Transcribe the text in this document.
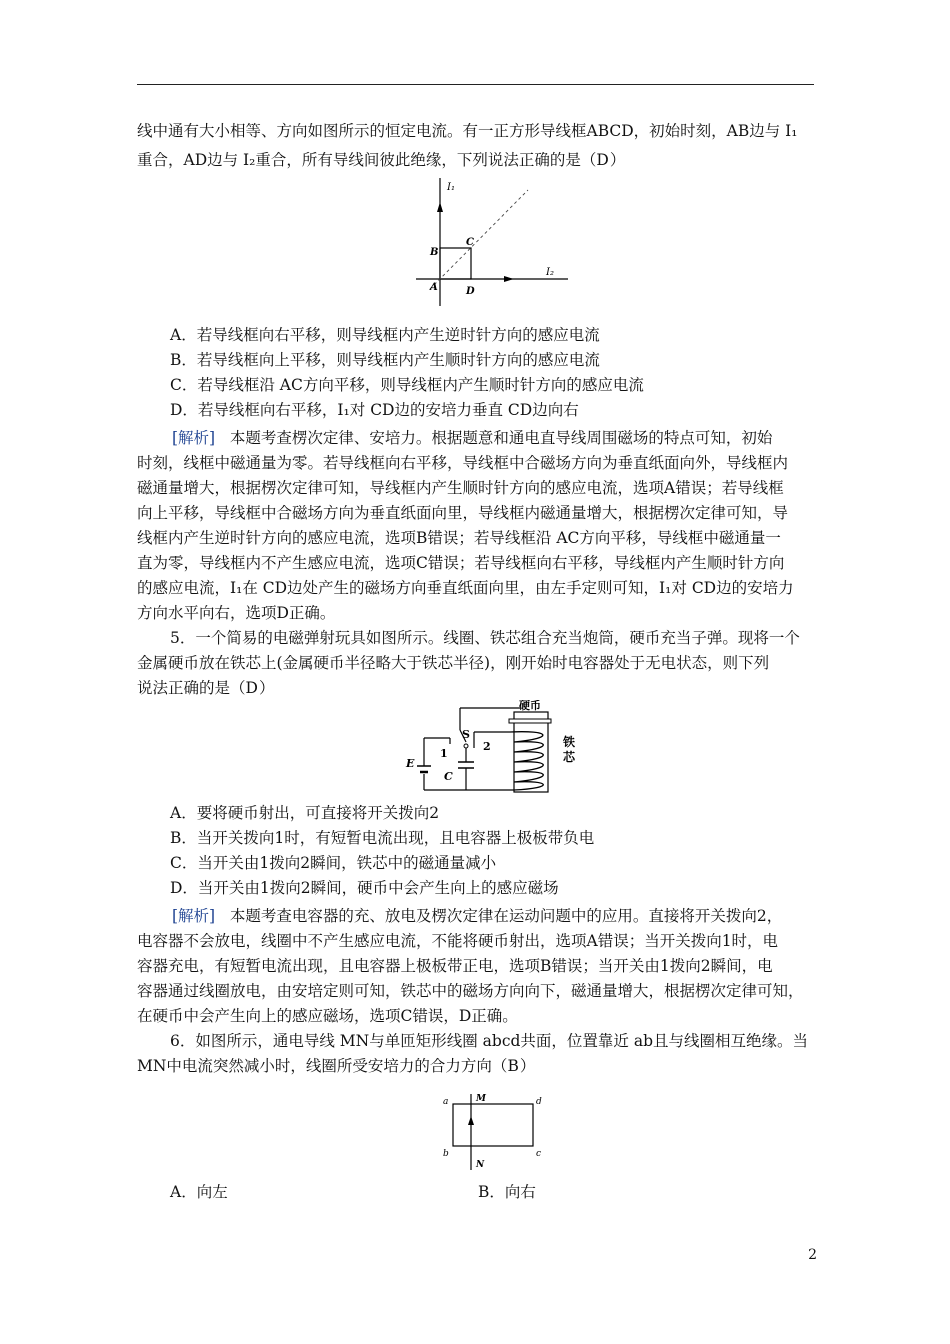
线中通有大小相等、方向如图所示的恒定电流。有一正方形导线框ABCD，初始时刻，AB边与 I₁
重合，AD边与 I₂重合，所有导线间彼此绝缘，下列说法正确的是（D）
I₁
I₂
A
B
C
D
A．若导线框向右平移，则导线框内产生逆时针方向的感应电流
B．若导线框向上平移，则导线框内产生顺时针方向的感应电流
C．若导线框沿 AC方向平移，则导线框内产生顺时针方向的感应电流
D．若导线框向右平移，I₁对 CD边的安培力垂直 CD边向右
[解析] 本题考查楞次定律、安培力。根据题意和通电直导线周围磁场的特点可知，初始
时刻，线框中磁通量为零。若导线框向右平移，导线框中合磁场方向为垂直纸面向外，导线框内
磁通量增大，根据楞次定律可知，导线框内产生顺时针方向的感应电流，选项A错误；若导线框
向上平移，导线框中合磁场方向为垂直纸面向里，导线框内磁通量增大，根据楞次定律可知，导
线框内产生逆时针方向的感应电流，选项B错误；若导线框沿 AC方向平移，导线框中磁通量一
直为零，导线框内不产生感应电流，选项C错误；若导线框向右平移，导线框内产生顺时针方向
的感应电流，I₁在 CD边处产生的磁场方向垂直纸面向里，由左手定则可知，I₁对 CD边的安培力
方向水平向右，选项D正确。
5．一个简易的电磁弹射玩具如图所示。线圈、铁芯组合充当炮筒，硬币充当子弹。现将一个
金属硬币放在铁芯上(金属硬币半径略大于铁芯半径)，刚开始时电容器处于无电状态，则下列
说法正确的是（D）
硬币
铁
芯
S
1
2
E
C
A．要将硬币射出，可直接将开关拨向2
B．当开关拨向1时，有短暂电流出现，且电容器上极板带负电
C．当开关由1拨向2瞬间，铁芯中的磁通量减小
D．当开关由1拨向2瞬间，硬币中会产生向上的感应磁场
[解析] 本题考查电容器的充、放电及楞次定律在运动问题中的应用。直接将开关拨向2，
电容器不会放电，线圈中不产生感应电流，不能将硬币射出，选项A错误；当开关拨向1时，电
容器充电，有短暂电流出现，且电容器上极板带正电，选项B错误；当开关由1拨向2瞬间，电
容器通过线圈放电，由安培定则可知，铁芯中的磁场方向向下，磁通量增大，根据楞次定律可知，
在硬币中会产生向上的感应磁场，选项C错误，D正确。
6．如图所示，通电导线 MN与单匝矩形线圈 abcd共面，位置靠近 ab且与线圈相互绝缘。当
MN中电流突然减小时，线圈所受安培力的合力方向（B）
a
b	c
d
M
N
A．向左	B．向右
2
